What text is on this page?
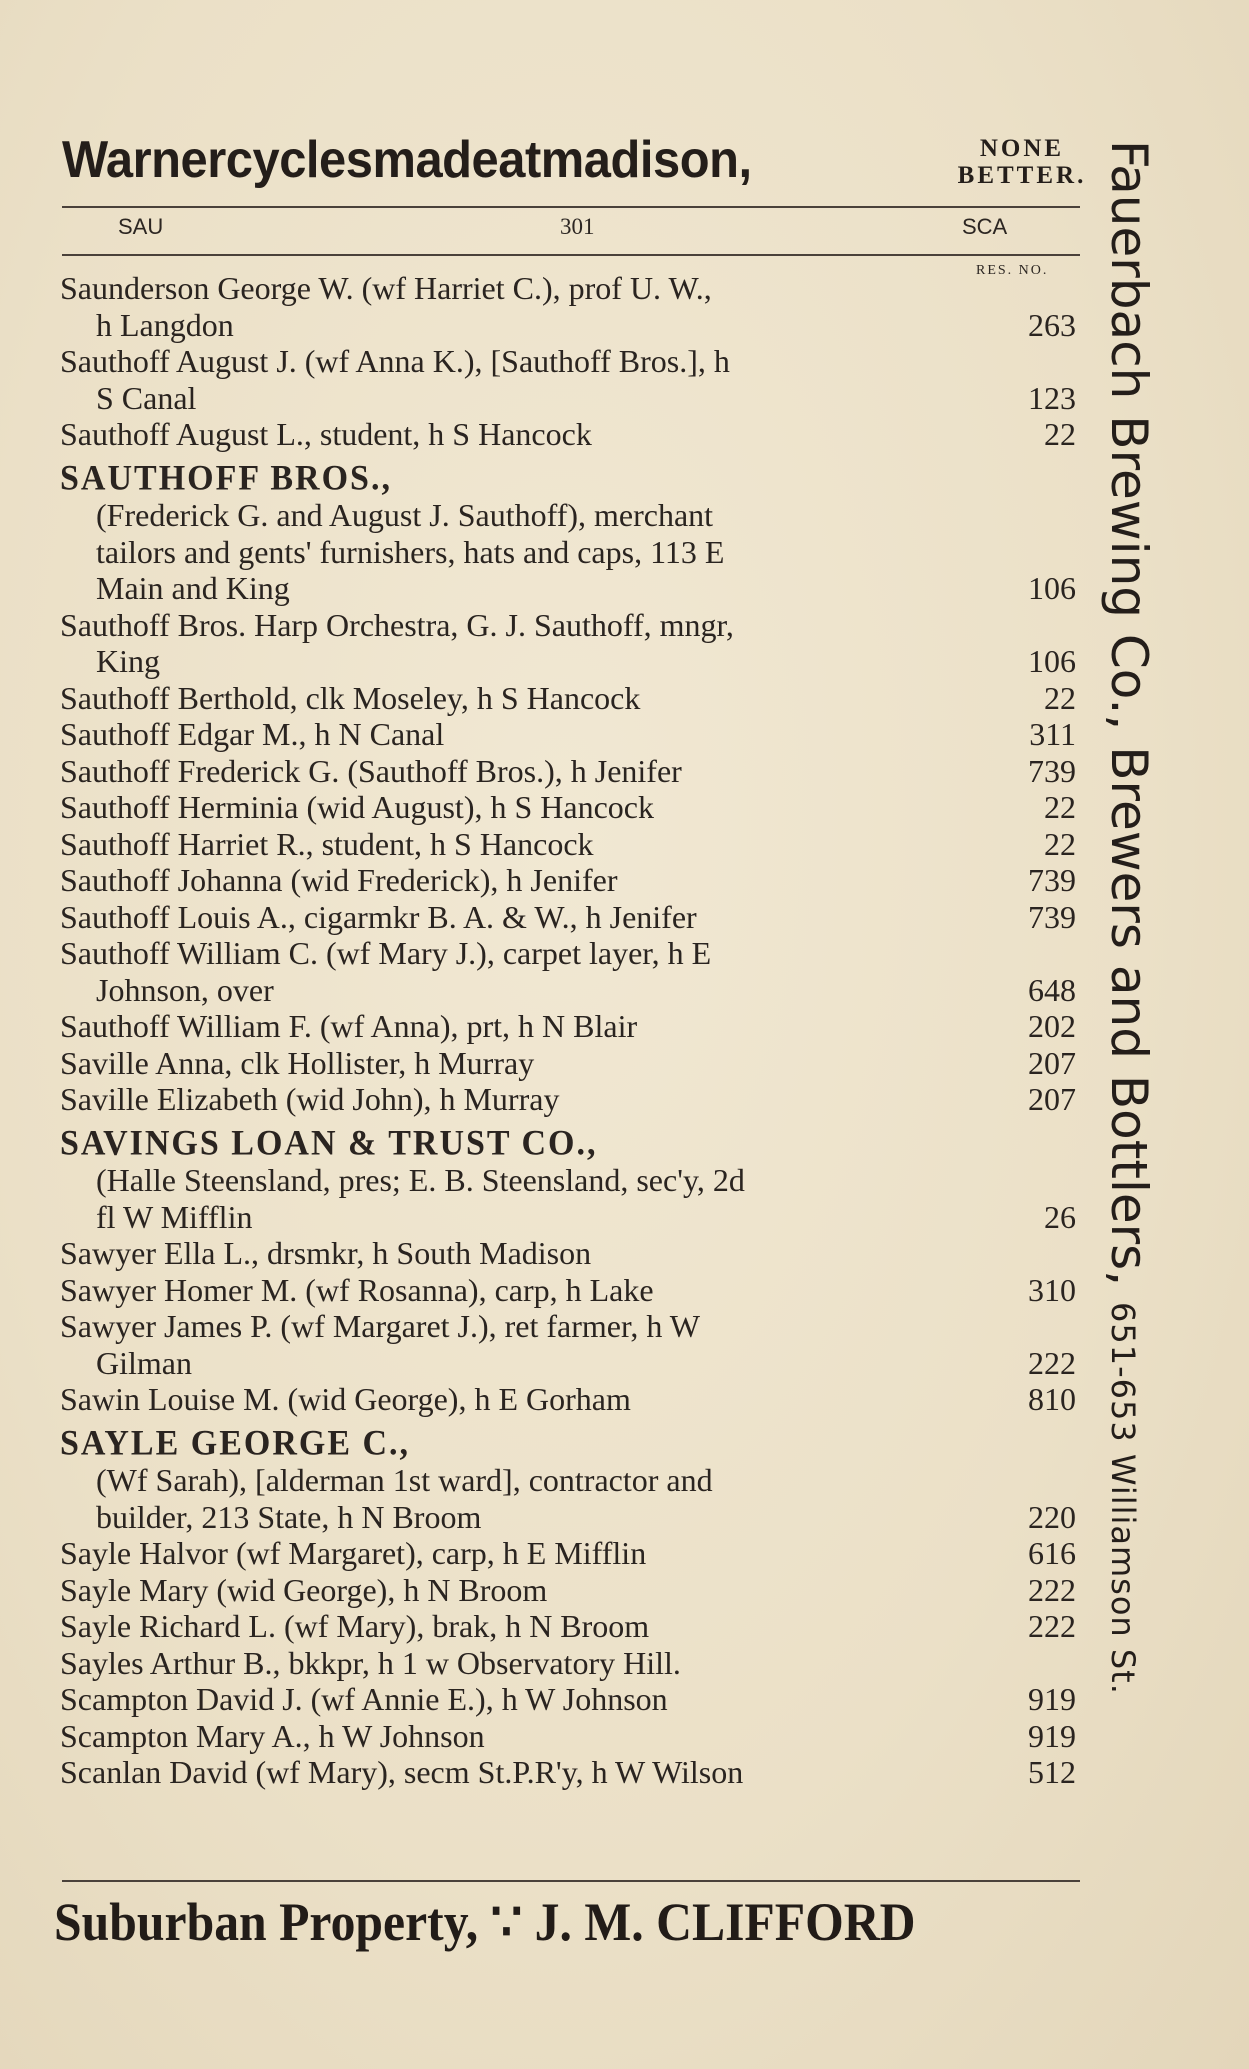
Warnercyclesmadeatmadison,	NONE
BETTER.
SAU	301	SCA
RES. NO.
Saunderson George W. (wf Harriet C.), prof U. W.,
h Langdon	263
Sauthoff August J. (wf Anna K.), [Sauthoff Bros.], h
S Canal	123
Sauthoff August L., student, h S Hancock	22
SAUTHOFF BROS.,
(Frederick G. and August J. Sauthoff), merchant
tailors and gents' furnishers, hats and caps, 113 E
Main and King	106
Sauthoff Bros. Harp Orchestra, G. J. Sauthoff, mngr,
King	106
Sauthoff Berthold, clk Moseley, h S Hancock	22
Sauthoff Edgar M., h N Canal	311
Sauthoff Frederick G. (Sauthoff Bros.), h Jenifer	739
Sauthoff Herminia (wid August), h S Hancock	22
Sauthoff Harriet R., student, h S Hancock	22
Sauthoff Johanna (wid Frederick), h Jenifer	739
Sauthoff Louis A., cigarmkr B. A. & W., h Jenifer	739
Sauthoff William C. (wf Mary J.), carpet layer, h E
Johnson, over	648
Sauthoff William F. (wf Anna), prt, h N Blair	202
Saville Anna, clk Hollister, h Murray	207
Saville Elizabeth (wid John), h Murray	207
SAVINGS LOAN & TRUST CO.,
(Halle Steensland, pres; E. B. Steensland, sec'y, 2d
fl W Mifflin	26
Sawyer Ella L., drsmkr, h South Madison
Sawyer Homer M. (wf Rosanna), carp, h Lake	310
Sawyer James P. (wf Margaret J.), ret farmer, h W
Gilman	222
Sawin Louise M. (wid George), h E Gorham	810
SAYLE GEORGE C.,
(Wf Sarah), [alderman 1st ward], contractor and
builder, 213 State, h N Broom	220
Sayle Halvor (wf Margaret), carp, h E Mifflin	616
Sayle Mary (wid George), h N Broom	222
Sayle Richard L. (wf Mary), brak, h N Broom	222
Sayles Arthur B., bkkpr, h 1 w Observatory Hill.
Scampton David J. (wf Annie E.), h W Johnson	919
Scampton Mary A., h W Johnson	919
Scanlan David (wf Mary), secm St.P.R'y, h W Wilson	512
Suburban Property, ∵ J. M. CLIFFORD
Fauerbach Brewing Co., Brewers and Bottlers, 651-653 Williamson St.
